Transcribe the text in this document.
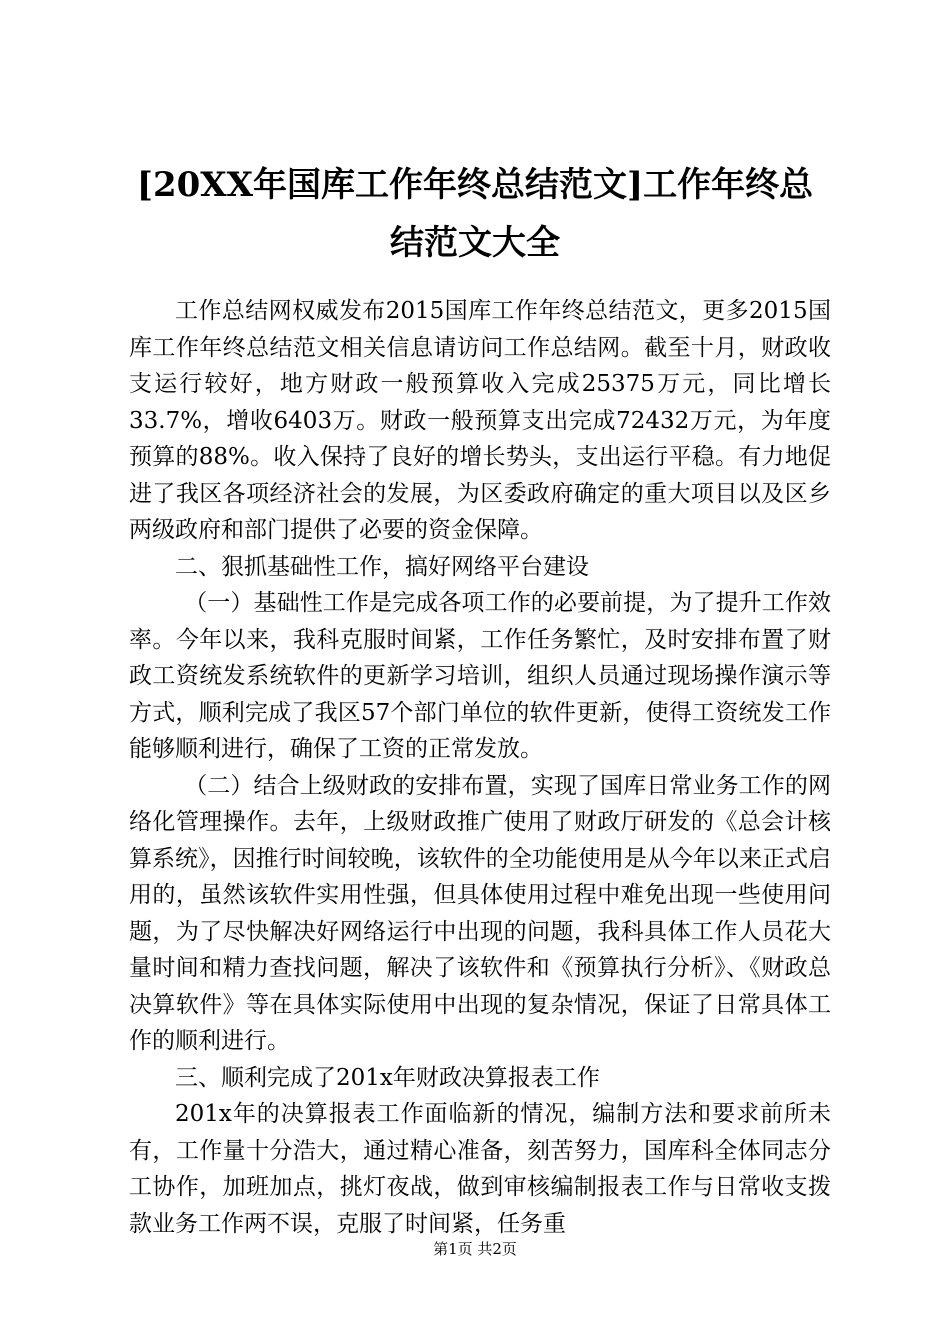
[20XX年国库工作年终总结范文]工作年终总结范文大全

工作总结网权威发布2015国库工作年终总结范文，更多2015国库工作年终总结范文相关信息请访问工作总结网。截至十月，财政收支运行较好，地方财政一般预算收入完成25375万元，同比增长33.7%，增收6403万。财政一般预算支出完成72432万元，为年度预算的88%。收入保持了良好的增长势头，支出运行平稳。有力地促进了我区各项经济社会的发展，为区委政府确定的重大项目以及区乡两级政府和部门提供了必要的资金保障。

二、狠抓基础性工作，搞好网络平台建设

（一）基础性工作是完成各项工作的必要前提，为了提升工作效率。今年以来，我科克服时间紧，工作任务繁忙，及时安排布置了财政工资统发系统软件的更新学习培训，组织人员通过现场操作演示等方式，顺利完成了我区57个部门单位的软件更新，使得工资统发工作能够顺利进行，确保了工资的正常发放。

（二）结合上级财政的安排布置，实现了国库日常业务工作的网络化管理操作。去年，上级财政推广使用了财政厅研发的《总会计核算系统》，因推行时间较晚，该软件的全功能使用是从今年以来正式启用的，虽然该软件实用性强，但具体使用过程中难免出现一些使用问题，为了尽快解决好网络运行中出现的问题，我科具体工作人员花大量时间和精力查找问题，解决了该软件和《预算执行分析》、《财政总决算软件》等在具体实际使用中出现的复杂情况，保证了日常具体工作的顺利进行。

三、顺利完成了201x年财政决算报表工作

201x年的决算报表工作面临新的情况，编制方法和要求前所未有，工作量十分浩大，通过精心准备，刻苦努力，国库科全体同志分工协作，加班加点，挑灯夜战，做到审核编制报表工作与日常收支拨款业务工作两不误，克服了时间紧，任务重

第1页 共2页
